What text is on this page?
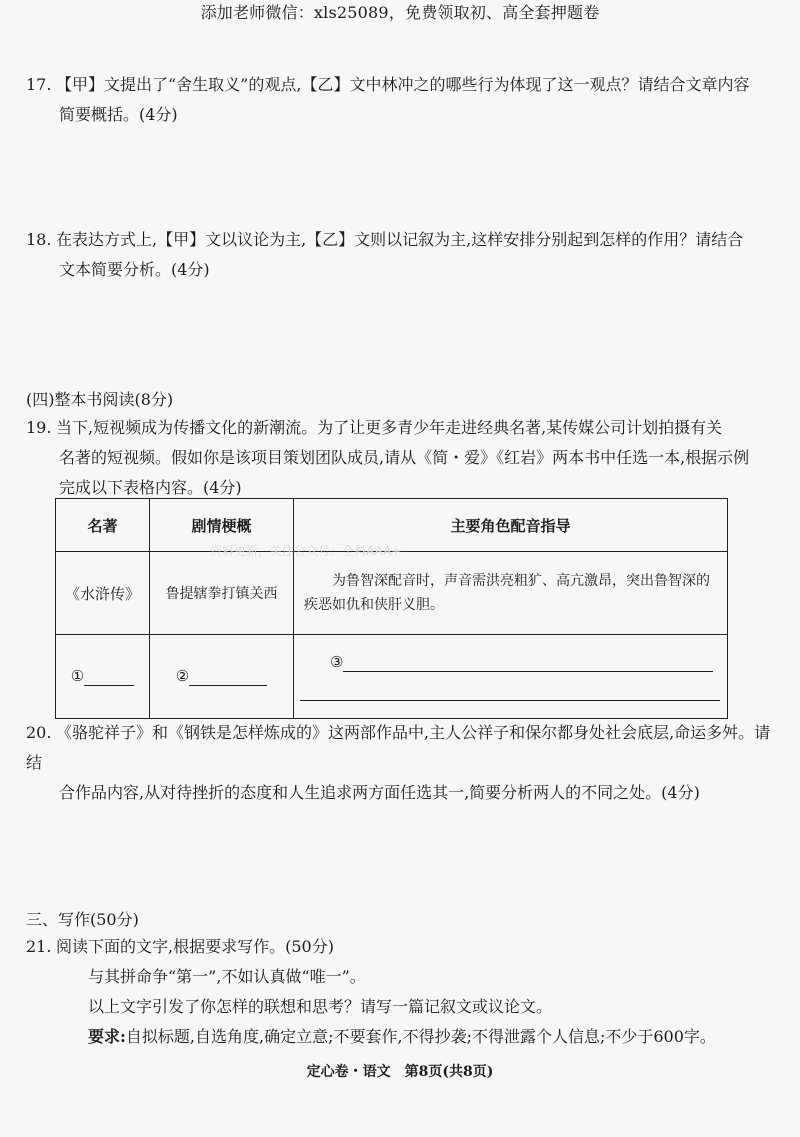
添加老师微信：xls25089，免费领取初、高全套押题卷
17. 【甲】文提出了“舍生取义”的观点,【乙】文中林冲之的哪些行为体现了这一观点？请结合文章内容
简要概括。(4分)
18. 在表达方式上,【甲】文以议论为主,【乙】文则以记叙为主,这样安排分别起到怎样的作用？请结合
文本简要分析。(4分)
(四)整本书阅读(8分)
19. 当下,短视频成为传播文化的新潮流。为了让更多青少年走进经典名著,某传媒公司计划拍摄有关
名著的短视频。假如你是该项目策划团队成员,请从《简・爱》《红岩》两本书中任选一本,根据示例
完成以下表格内容。(4分)
名著	剧情梗概	主要角色配音指导
《水浒传》	鲁提辖拳打镇关西	为鲁智深配音时，声音需洪亮粗犷、高亢激昂，突出鲁智深的疾恶如仇和侠肝义胆。

①	②	③

资料更新，关注公众号：全科AAA+
20. 《骆驼祥子》和《钢铁是怎样炼成的》这两部作品中,主人公祥子和保尔都身处社会底层,命运多舛。请结
合作品内容,从对待挫折的态度和人生追求两方面任选其一,简要分析两人的不同之处。(4分)
三、写作(50分)
21. 阅读下面的文字,根据要求写作。(50分)
与其拼命争“第一”,不如认真做“唯一”。
以上文字引发了你怎样的联想和思考？请写一篇记叙文或议论文。
要求:自拟标题,自选角度,确定立意;不要套作,不得抄袭;不得泄露个人信息;不少于600字。
定心卷・语文　第8页(共8页)
